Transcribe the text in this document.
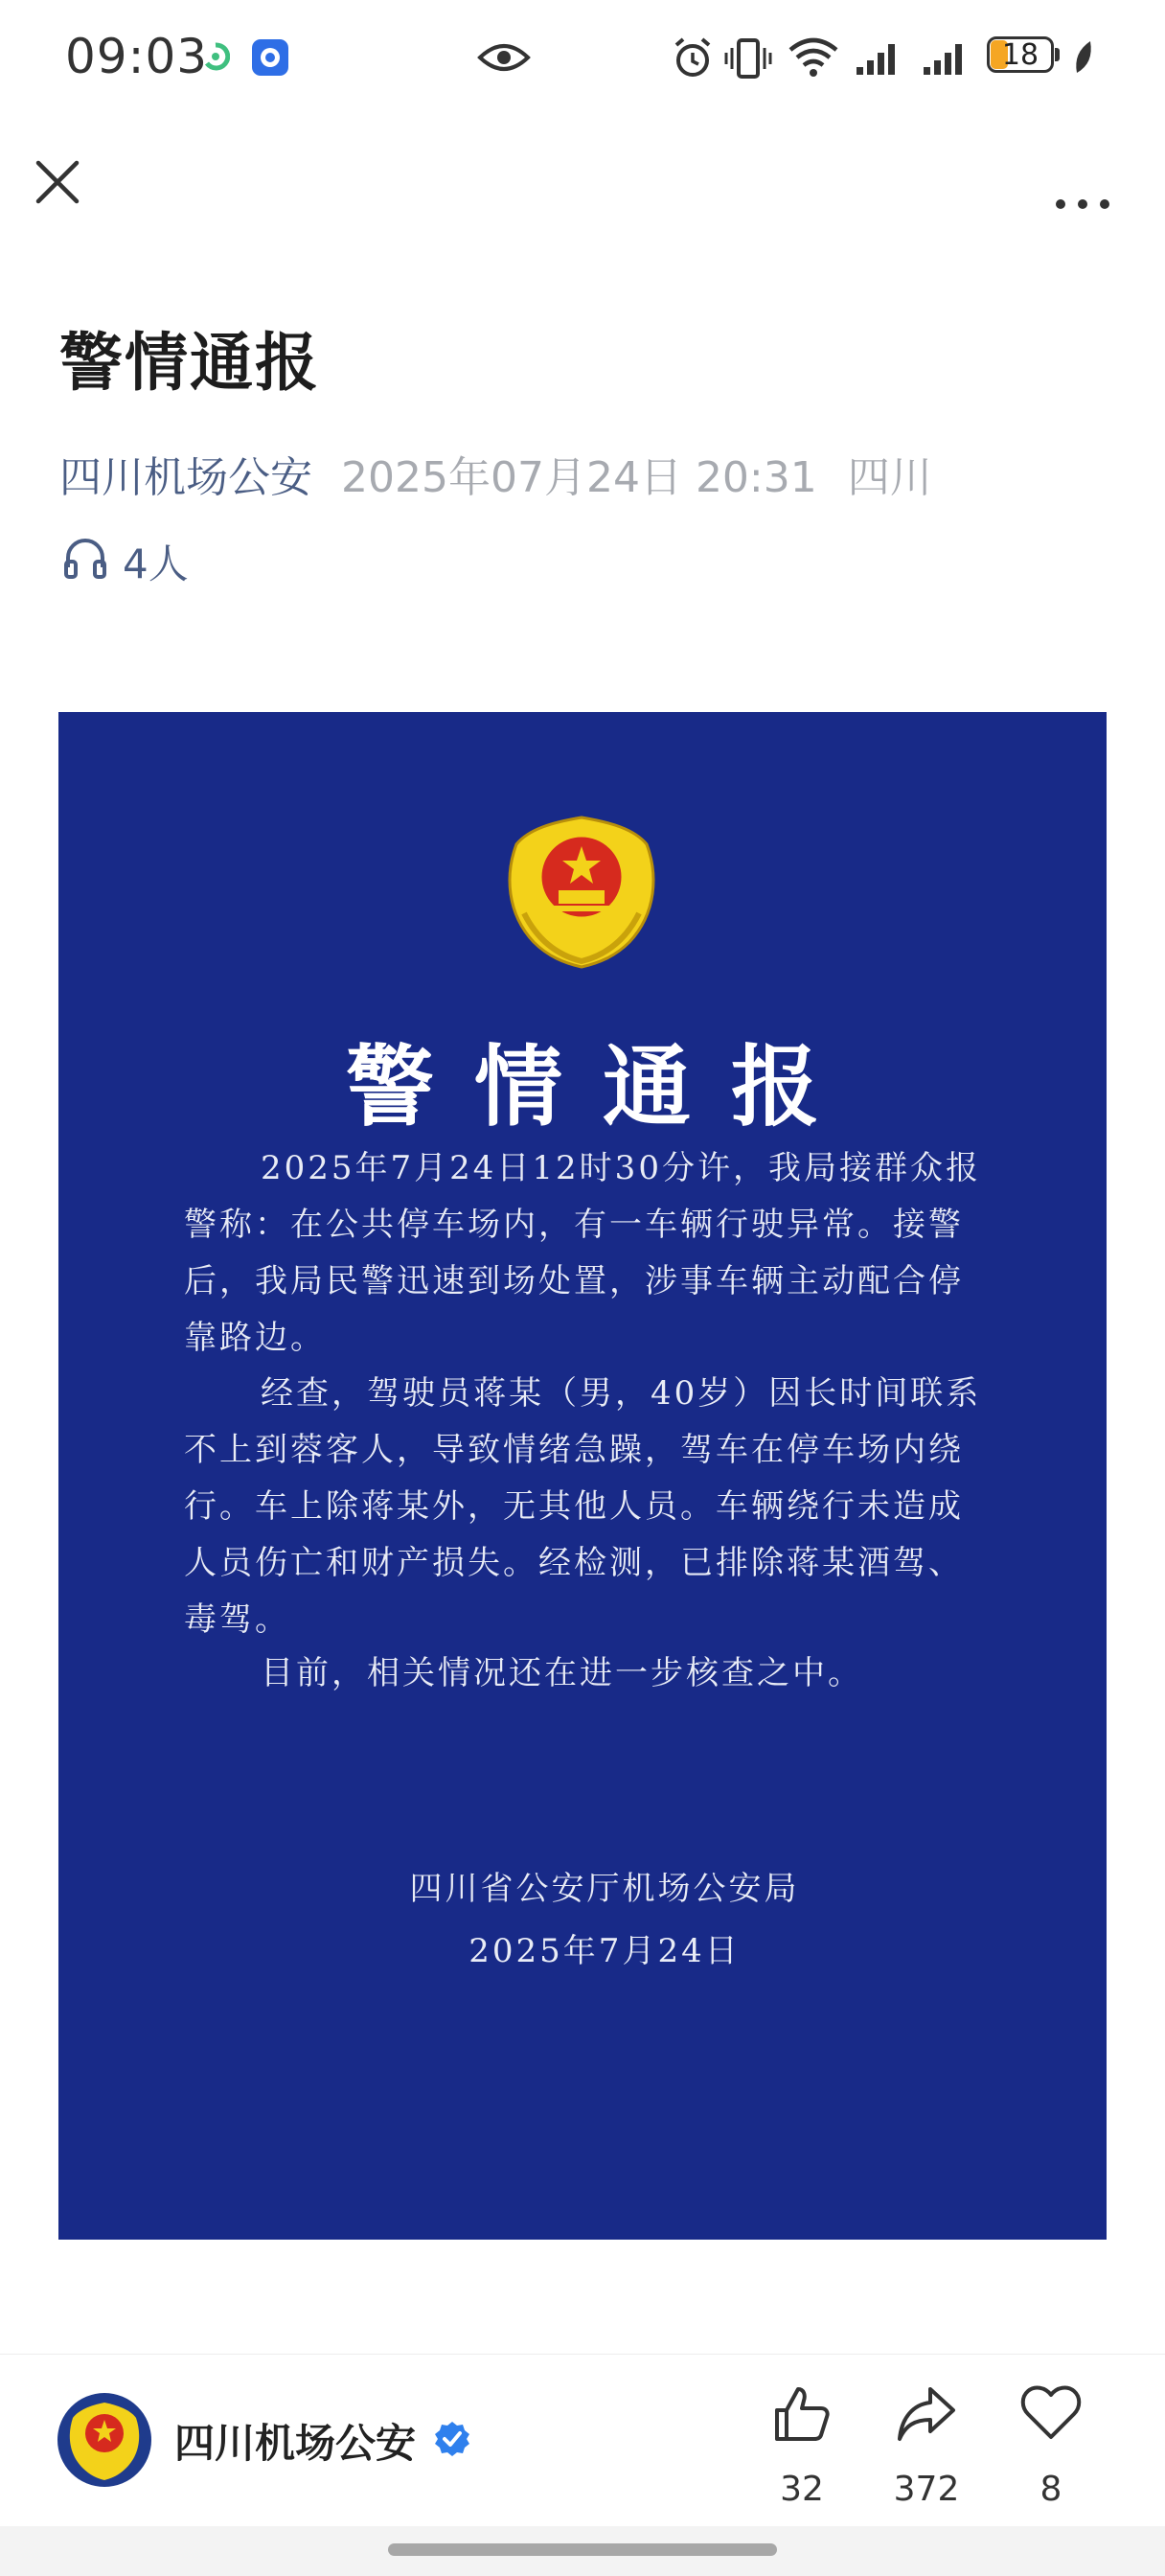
09:03	18
警情通报
四川机场公安 2025年07月24日 20:31 四川
4人
警情通报
2025年7月24日12时30分许，我局接群众报警称：在公共停车场内，有一车辆行驶异常。接警后，我局民警迅速到场处置，涉事车辆主动配合停靠路边。
经查，驾驶员蒋某（男，40岁）因长时间联系不上到蓉客人，导致情绪急躁，驾车在停车场内绕行。车上除蒋某外，无其他人员。车辆绕行未造成人员伤亡和财产损失。经检测，已排除蒋某酒驾、毒驾。
目前，相关情况还在进一步核查之中。
四川省公安厅机场公安局
2025年7月24日
四川机场公安
32	372	8
